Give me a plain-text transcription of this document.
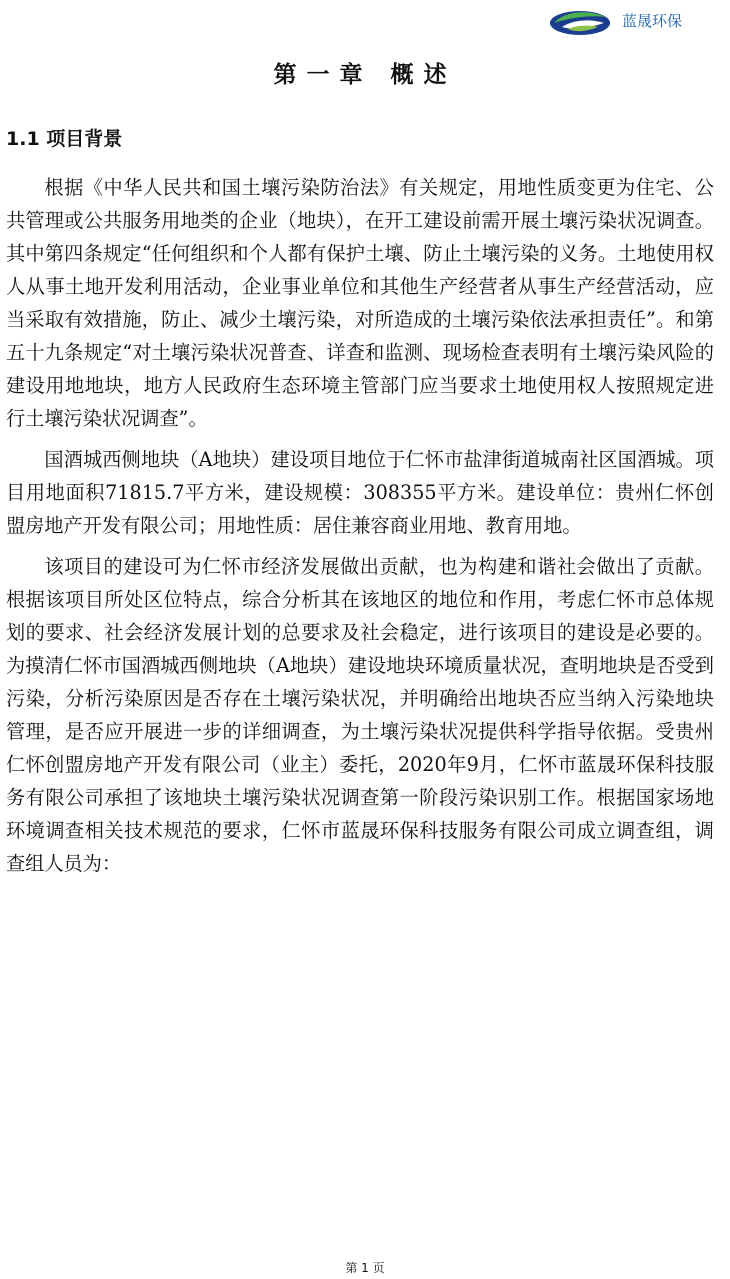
蓝晟环保
第一章 概述
1.1 项目背景

根据《中华人民共和国土壤污染防治法》有关规定，用地性质变更为住宅、公共管理或公共服务用地类的企业（地块），在开工建设前需开展土壤污染状况调查。其中第四条规定“任何组织和个人都有保护土壤、防止土壤污染的义务。土地使用权人从事土地开发利用活动，企业事业单位和其他生产经营者从事生产经营活动，应当采取有效措施，防止、减少土壤污染，对所造成的土壤污染依法承担责任”。和第五十九条规定“对土壤污染状况普查、详查和监测、现场检查表明有土壤污染风险的建设用地地块，地方人民政府生态环境主管部门应当要求土地使用权人按照规定进行土壤污染状况调查”。

国酒城西侧地块（A地块）建设项目地位于仁怀市盐津街道城南社区国酒城。项目用地面积71815.7平方米，建设规模：308355平方米。建设单位：贵州仁怀创盟房地产开发有限公司；用地性质：居住兼容商业用地、教育用地。

该项目的建设可为仁怀市经济发展做出贡献，也为构建和谐社会做出了贡献。根据该项目所处区位特点，综合分析其在该地区的地位和作用，考虑仁怀市总体规划的要求、社会经济发展计划的总要求及社会稳定，进行该项目的建设是必要的。为摸清仁怀市国酒城西侧地块（A地块）建设地块环境质量状况，查明地块是否受到污染，分析污染原因是否存在土壤污染状况，并明确给出地块否应当纳入污染地块管理，是否应开展进一步的详细调查，为土壤污染状况提供科学指导依据。受贵州仁怀创盟房地产开发有限公司（业主）委托，2020年9月，仁怀市蓝晟环保科技服务有限公司承担了该地块土壤污染状况调查第一阶段污染识别工作。根据国家场地环境调查相关技术规范的要求，仁怀市蓝晟环保科技服务有限公司成立调查组，调查组人员为：

第 1 页
